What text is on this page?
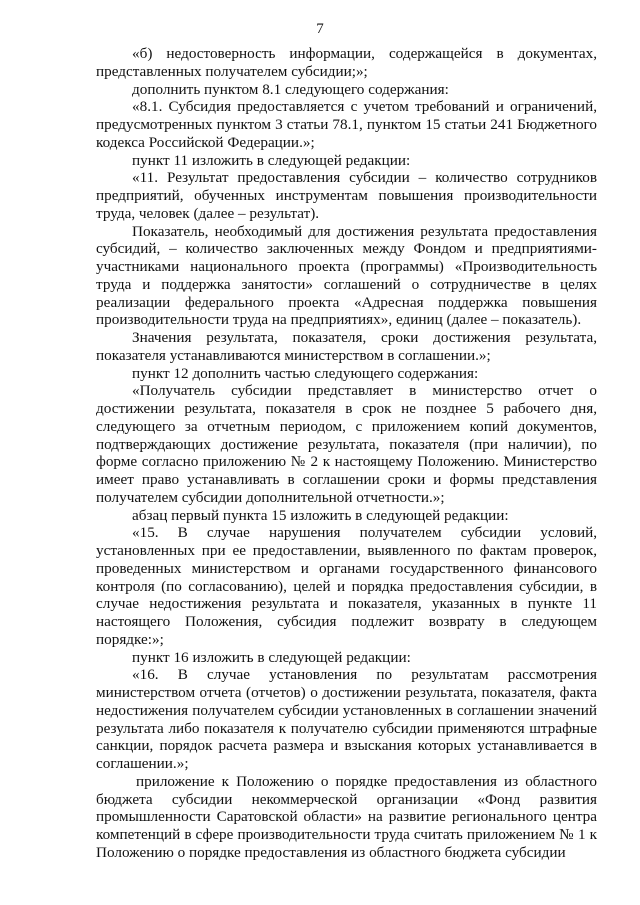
7

«б) недостоверность информации, содержащейся в документах, представленных получателем субсидии;»;

дополнить пунктом 8.1 следующего содержания:

«8.1. Субсидия предоставляется с учетом требований и ограничений, предусмотренных пунктом 3 статьи 78.1, пунктом 15 статьи 241 Бюджетного кодекса Российской Федерации.»;

пункт 11 изложить в следующей редакции:

«11. Результат предоставления субсидии – количество сотрудников предприятий, обученных инструментам повышения производительности труда, человек (далее – результат).

Показатель, необходимый для достижения результата предоставления субсидий, – количество заключенных между Фондом и предприятиями-участниками национального проекта (программы) «Производительность труда и поддержка занятости» соглашений о сотрудничестве в целях реализации федерального проекта «Адресная поддержка повышения производительности труда на предприятиях», единиц (далее – показатель).

Значения результата, показателя, сроки достижения результата, показателя устанавливаются министерством в соглашении.»;

пункт 12 дополнить частью следующего содержания:

«Получатель субсидии представляет в министерство отчет о достижении результата, показателя в срок не позднее 5 рабочего дня, следующего за отчетным периодом, с приложением копий документов, подтверждающих достижение результата, показателя (при наличии), по форме согласно приложению № 2 к настоящему Положению. Министерство имеет право устанавливать в соглашении сроки и формы представления получателем субсидии дополнительной отчетности.»;

абзац первый пункта 15 изложить в следующей редакции:

«15. В случае нарушения получателем субсидии условий, установленных при ее предоставлении, выявленного по фактам проверок, проведенных министерством и органами государственного финансового контроля (по согласованию), целей и порядка предоставления субсидии, в случае недостижения результата и показателя, указанных в пункте 11 настоящего Положения, субсидия подлежит возврату в следующем порядке:»;

пункт 16 изложить в следующей редакции:

«16. В случае установления по результатам рассмотрения министерством отчета (отчетов) о достижении результата, показателя, факта недостижения получателем субсидии установленных в соглашении значений результата либо показателя к получателю субсидии применяются штрафные санкции, порядок расчета размера и взыскания которых устанавливается в соглашении.»;

приложение к Положению о порядке предоставления из областного бюджета субсидии некоммерческой организации «Фонд развития промышленности Саратовской области» на развитие регионального центра компетенций в сфере производительности труда считать приложением № 1 к Положению о порядке предоставления из областного бюджета субсидии
